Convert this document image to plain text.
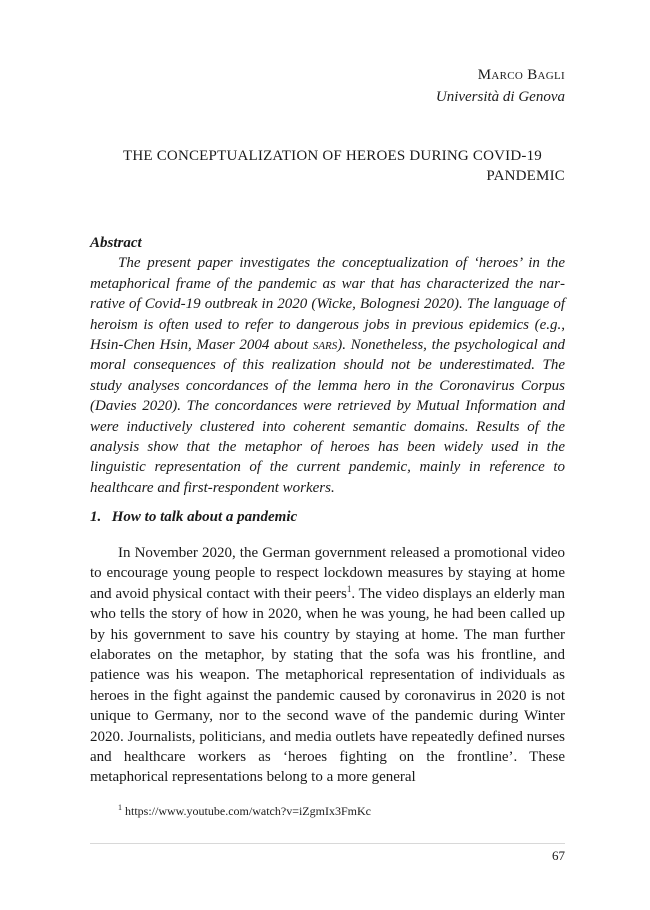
Marco Bagli
Università di Genova
THE CONCEPTUALIZATION OF HEROES DURING COVID-19
PANDEMIC
Abstract

The present paper investigates the conceptualization of ‘heroes’ in the metaphorical frame of the pandemic as war that has characterized the narrative of Covid-19 outbreak in 2020 (Wicke, Bolognesi 2020). The language of heroism is often used to refer to dangerous jobs in previous epidemics (e.g., Hsin-Chen Hsin, Maser 2004 about sars). Nonetheless, the psychological and moral consequences of this realization should not be underestimated. The study analyses concordances of the lemma hero in the Coronavirus Corpus (Davies 2020). The concordances were retrieved by Mutual Information and were inductively clustered into coherent semantic domains. Results of the analysis show that the metaphor of heroes has been widely used in the linguistic representation of the current pandemic, mainly in reference to healthcare and first-respondent workers.

1. How to talk about a pandemic

In November 2020, the German government released a promotional video to encourage young people to respect lockdown measures by staying at home and avoid physical contact with their peers$^1$. The video displays an elderly man who tells the story of how in 2020, when he was young, he had been called up by his government to save his country by staying at home. The man further elaborates on the metaphor, by stating that the sofa was his frontline, and patience was his weapon. The metaphorical representation of individuals as heroes in the fight against the pandemic caused by coronavirus in 2020 is not unique to Germany, nor to the second wave of the pandemic during Winter 2020. Journalists, politicians, and media outlets have repeatedly defined nurses and healthcare workers as ‘heroes fighting on the frontline’. These metaphorical representations belong to a more general

$^1$ https://www.youtube.com/watch?v=iZgmIx3FmKc
67
